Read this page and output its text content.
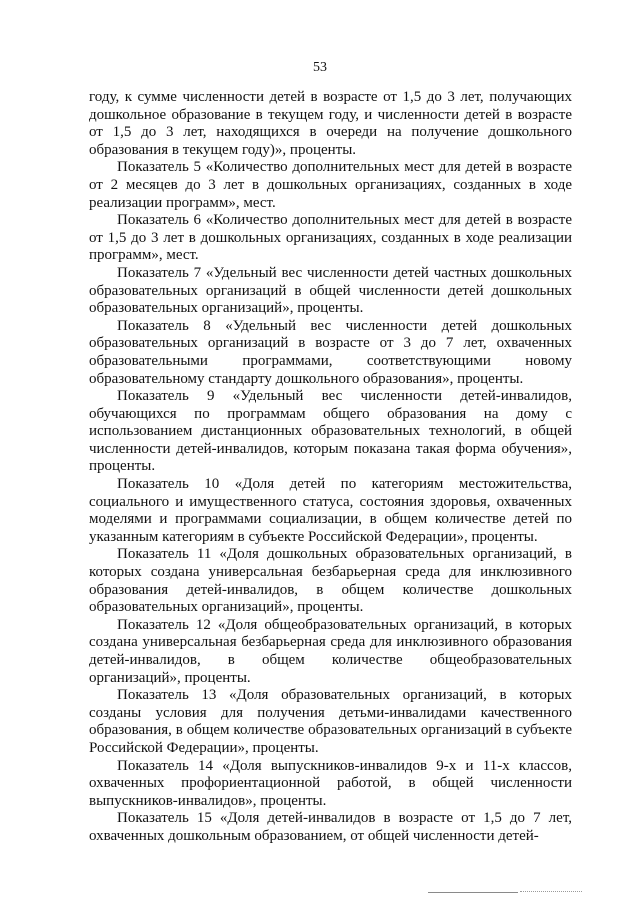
53

году, к сумме численности детей в возрасте от 1,5 до 3 лет, получающих дошкольное образование в текущем году, и численности детей в возрасте от 1,5 до 3 лет, находящихся в очереди на получение дошкольного образования в текущем году)», проценты.

Показатель 5 «Количество дополнительных мест для детей в возрасте от 2 месяцев до 3 лет в дошкольных организациях, созданных в ходе реализации программ», мест.

Показатель 6 «Количество дополнительных мест для детей в возрасте от 1,5 до 3 лет в дошкольных организациях, созданных в ходе реализации программ», мест.

Показатель 7 «Удельный вес численности детей частных дошкольных образовательных организаций в общей численности детей дошкольных образовательных организаций», проценты.

Показатель 8 «Удельный вес численности детей дошкольных образовательных организаций в возрасте от 3 до 7 лет, охваченных образовательными программами, соответствующими новому образовательному стандарту дошкольного образования», проценты.

Показатель 9 «Удельный вес численности детей-инвалидов, обучающихся по программам общего образования на дому с использованием дистанционных образовательных технологий, в общей численности детей-инвалидов, которым показана такая форма обучения», проценты.

Показатель 10 «Доля детей по категориям местожительства, социального и имущественного статуса, состояния здоровья, охваченных моделями и программами социализации, в общем количестве детей по указанным категориям в субъекте Российской Федерации», проценты.

Показатель 11 «Доля дошкольных образовательных организаций, в которых создана универсальная безбарьерная среда для инклюзивного образования детей-инвалидов, в общем количестве дошкольных образовательных организаций», проценты.

Показатель 12 «Доля общеобразовательных организаций, в которых создана универсальная безбарьерная среда для инклюзивного образования детей-инвалидов, в общем количестве общеобразовательных организаций», проценты.

Показатель 13 «Доля образовательных организаций, в которых созданы условия для получения детьми-инвалидами качественного образования, в общем количестве образовательных организаций в субъекте Российской Федерации», проценты.

Показатель 14 «Доля выпускников-инвалидов 9-х и 11-х классов, охваченных профориентационной работой, в общей численности выпускников-инвалидов», проценты.

Показатель 15 «Доля детей-инвалидов в возрасте от 1,5 до 7 лет, охваченных дошкольным образованием, от общей численности детей-
